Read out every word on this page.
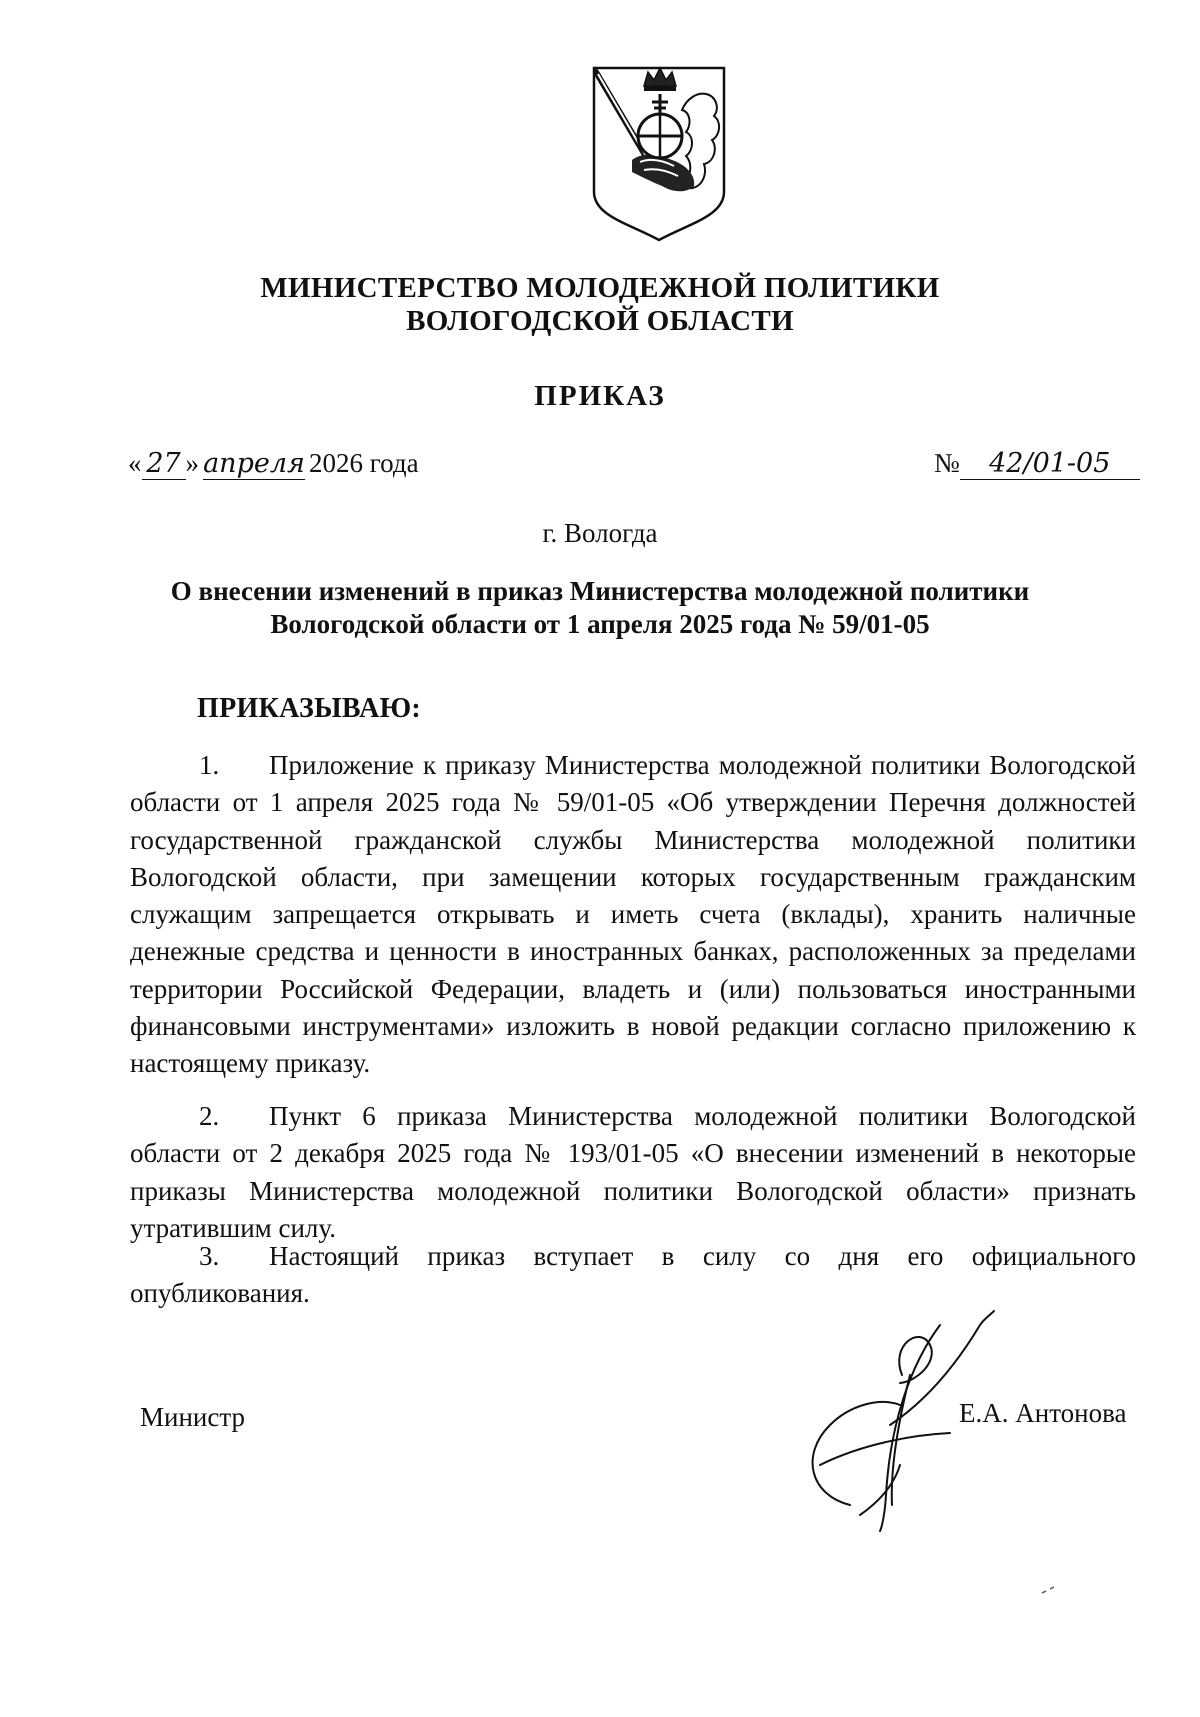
МИНИСТЕРСТВО МОЛОДЕЖНОЙ ПОЛИТИКИ
ВОЛОГОДСКОЙ ОБЛАСТИ
ПРИКАЗ
« 27 » апреля 2026 года	№ 42/01-05
г. Вологда
О внесении изменений в приказ Министерства молодежной политики
Вологодской области от 1 апреля 2025 года № 59/01-05
ПРИКАЗЫВАЮ:
1. Приложение к приказу Министерства молодежной политики Вологодской области от 1 апреля 2025 года № 59/01-05 «Об утверждении Перечня должностей государственной гражданской службы Министерства молодежной политики Вологодской области, при замещении которых государственным гражданским служащим запрещается открывать и иметь счета (вклады), хранить наличные денежные средства и ценности в иностранных банках, расположенных за пределами территории Российской Федерации, владеть и (или) пользоваться иностранными финансовыми инструментами» изложить в новой редакции согласно приложению к настоящему приказу.
2. Пункт 6 приказа Министерства молодежной политики Вологодской области от 2 декабря 2025 года № 193/01-05 «О внесении изменений в некоторые приказы Министерства молодежной политики Вологодской области» признать утратившим силу.
3. Настоящий приказ вступает в силу со дня его официального опубликования.
Министр	Е.А. Антонова
